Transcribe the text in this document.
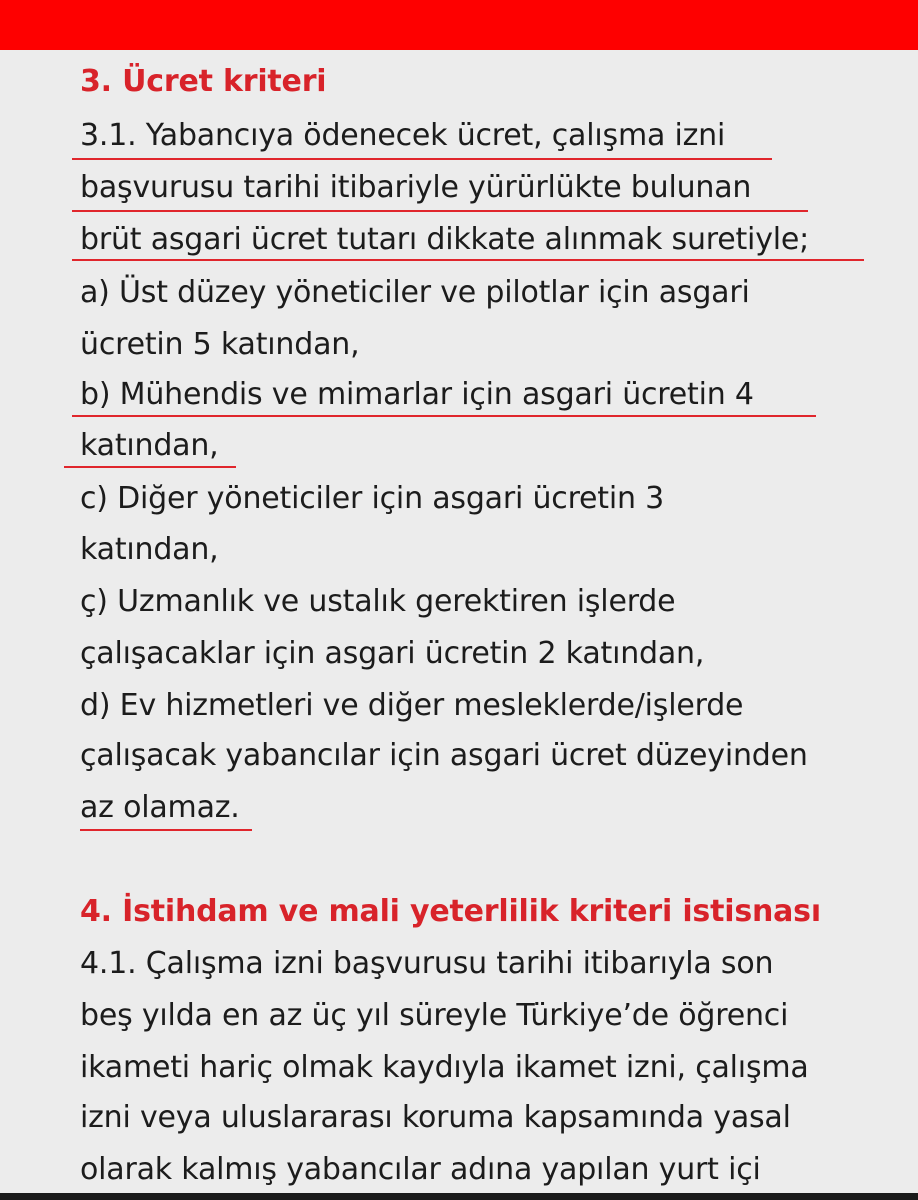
3. Ücret kriteri
3.1. Yabancıya ödenecek ücret, çalışma izni
başvurusu tarihi itibariyle yürürlükte bulunan
brüt asgari ücret tutarı dikkate alınmak suretiyle;
a) Üst düzey yöneticiler ve pilotlar için asgari
ücretin 5 katından,
b) Mühendis ve mimarlar için asgari ücretin 4
katından,
c) Diğer yöneticiler için asgari ücretin 3
katından,
ç) Uzmanlık ve ustalık gerektiren işlerde
çalışacaklar için asgari ücretin 2 katından,
d) Ev hizmetleri ve diğer mesleklerde/işlerde
çalışacak yabancılar için asgari ücret düzeyinden
az olamaz.
4. İstihdam ve mali yeterlilik kriteri istisnası
4.1. Çalışma izni başvurusu tarihi itibarıyla son
beş yılda en az üç yıl süreyle Türkiye’de öğrenci
ikameti hariç olmak kaydıyla ikamet izni, çalışma
izni veya uluslararası koruma kapsamında yasal
olarak kalmış yabancılar adına yapılan yurt içi
